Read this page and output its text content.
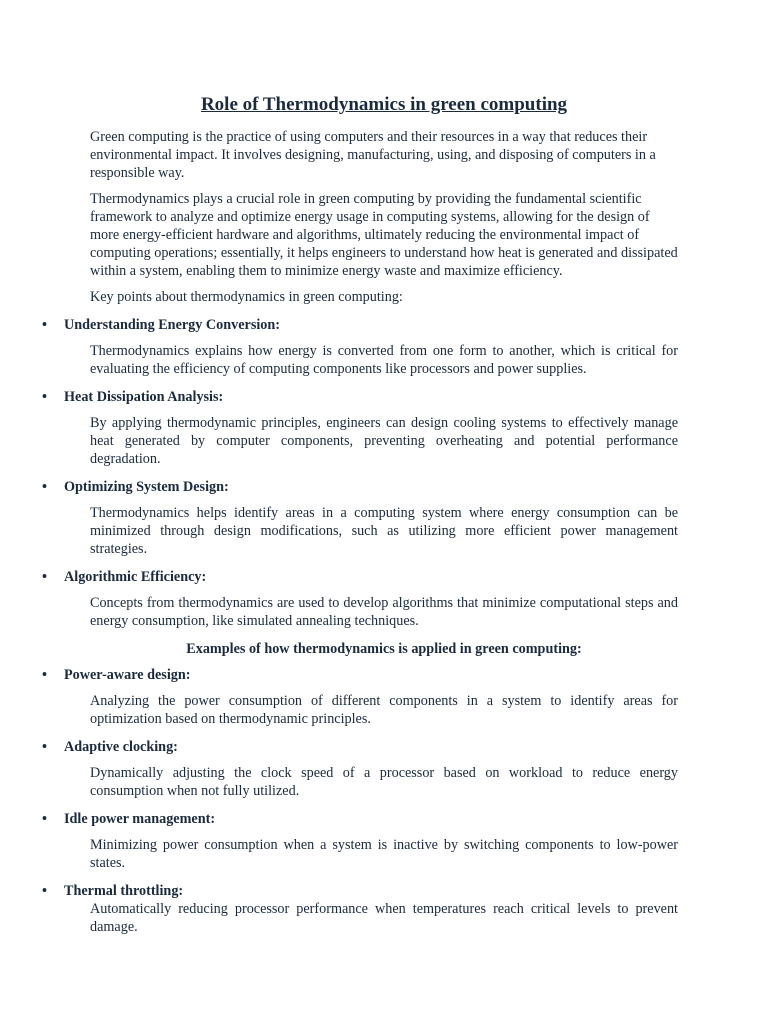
Role of Thermodynamics in green computing

Green computing is the practice of using computers and their resources in a way that reduces their environmental impact. It involves designing, manufacturing, using, and disposing of computers in a responsible way.

Thermodynamics plays a crucial role in green computing by providing the fundamental scientific framework to analyze and optimize energy usage in computing systems, allowing for the design of more energy-efficient hardware and algorithms, ultimately reducing the environmental impact of computing operations; essentially, it helps engineers to understand how heat is generated and dissipated within a system, enabling them to minimize energy waste and maximize efficiency.

Key points about thermodynamics in green computing:

• Understanding Energy Conversion:

Thermodynamics explains how energy is converted from one form to another, which is critical for evaluating the efficiency of computing components like processors and power supplies.

• Heat Dissipation Analysis:

By applying thermodynamic principles, engineers can design cooling systems to effectively manage heat generated by computer components, preventing overheating and potential performance degradation.

• Optimizing System Design:

Thermodynamics helps identify areas in a computing system where energy consumption can be minimized through design modifications, such as utilizing more efficient power management strategies.

• Algorithmic Efficiency:

Concepts from thermodynamics are used to develop algorithms that minimize computational steps and energy consumption, like simulated annealing techniques.

Examples of how thermodynamics is applied in green computing:

• Power-aware design:

Analyzing the power consumption of different components in a system to identify areas for optimization based on thermodynamic principles.

• Adaptive clocking:

Dynamically adjusting the clock speed of a processor based on workload to reduce energy consumption when not fully utilized.

• Idle power management:

Minimizing power consumption when a system is inactive by switching components to low-power states.

• Thermal throttling:

Automatically reducing processor performance when temperatures reach critical levels to prevent damage.
